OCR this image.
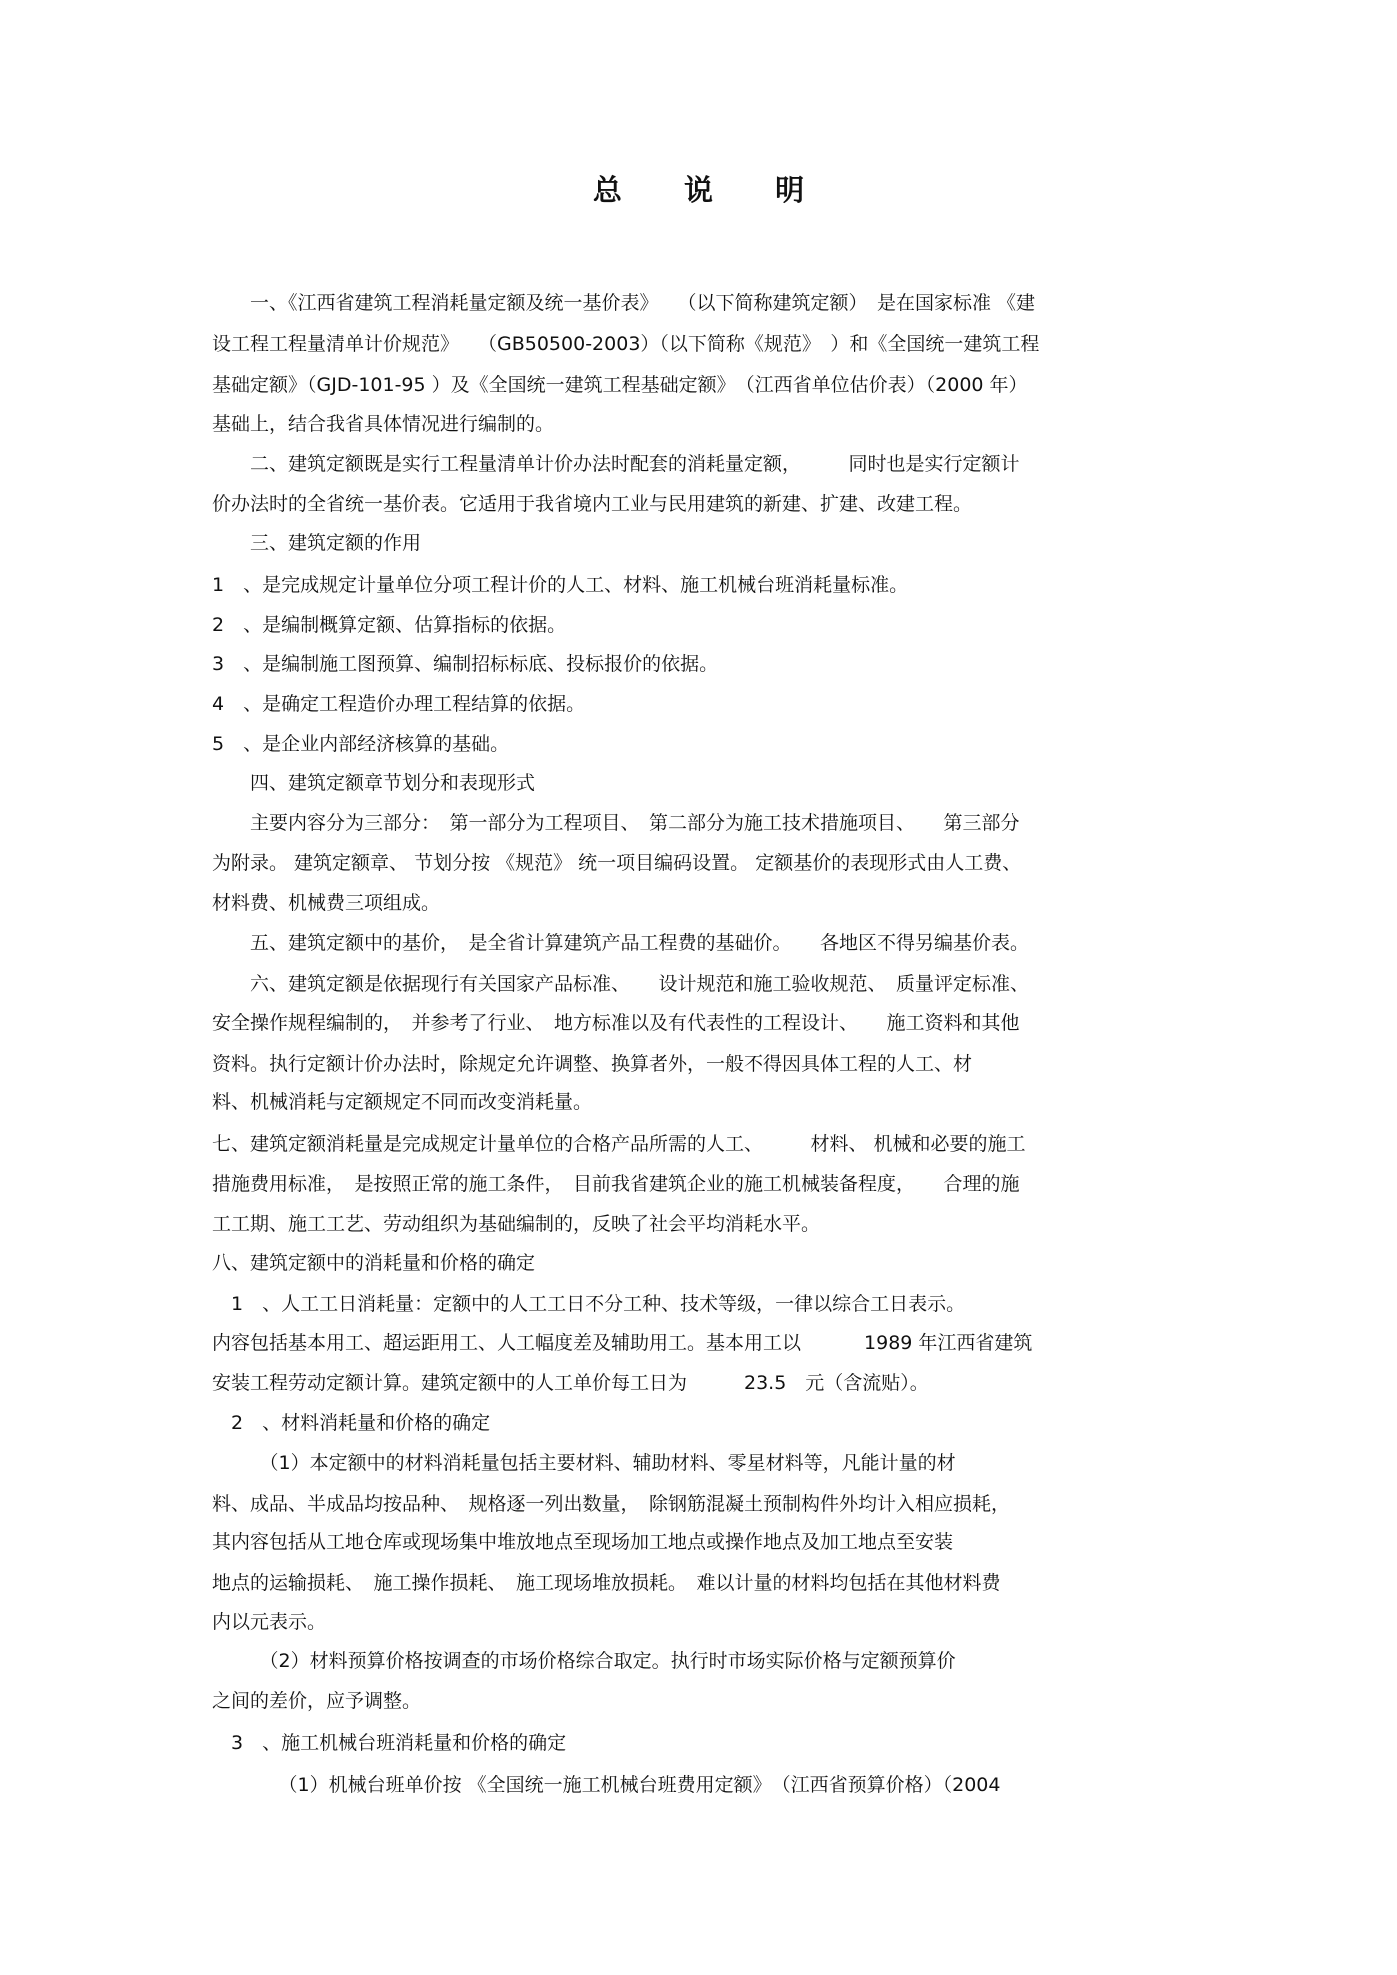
总 说 明
　　一、《江西省建筑工程消耗量定额及统一基价表》　　（以下简称建筑定额）　是在国家标准 《建
设工程工程量清单计价规范》　　（GB50500-2003）（以下简称《规范》　）和《全国统一建筑工程
基础定额》（GJD-101-95 ）及《全国统一建筑工程基础定额》　（江西省单位估价表）（2000 年）
基础上，结合我省具体情况进行编制的。
　　二、建筑定额既是实行工程量清单计价办法时配套的消耗量定额，　　　同时也是实行定额计
价办法时的全省统一基价表。它适用于我省境内工业与民用建筑的新建、扩建、改建工程。
　　三、建筑定额的作用
1　、是完成规定计量单位分项工程计价的人工、材料、施工机械台班消耗量标准。
2　、是编制概算定额、估算指标的依据。
3　、是编制施工图预算、编制招标标底、投标报价的依据。
4　、是确定工程造价办理工程结算的依据。
5　、是企业内部经济核算的基础。
　　四、建筑定额章节划分和表现形式
　　主要内容分为三部分：　第一部分为工程项目、　第二部分为施工技术措施项目、　　第三部分
为附录。 建筑定额章、 节划分按 《规范》 统一项目编码设置。 定额基价的表现形式由人工费、
材料费、机械费三项组成。
　　五、建筑定额中的基价，　是全省计算建筑产品工程费的基础价。　　各地区不得另编基价表。
　　六、建筑定额是依据现行有关国家产品标准、　　设计规范和施工验收规范、　质量评定标准、
安全操作规程编制的，　并参考了行业、　地方标准以及有代表性的工程设计、　　施工资料和其他
资料。执行定额计价办法时，除规定允许调整、换算者外，一般不得因具体工程的人工、材
料、机械消耗与定额规定不同而改变消耗量。
七、建筑定额消耗量是完成规定计量单位的合格产品所需的人工、　　　材料、 机械和必要的施工
措施费用标准，　是按照正常的施工条件，　目前我省建筑企业的施工机械装备程度，　　合理的施
工工期、施工工艺、劳动组织为基础编制的，反映了社会平均消耗水平。
八、建筑定额中的消耗量和价格的确定
　1　、人工工日消耗量：定额中的人工工日不分工种、技术等级，一律以综合工日表示。
内容包括基本用工、超运距用工、人工幅度差及辅助用工。基本用工以　　　 1989 年江西省建筑
安装工程劳动定额计算。建筑定额中的人工单价每工日为　　　23.5　元（含流贴）。
　2　、材料消耗量和价格的确定
　　　（1）本定额中的材料消耗量包括主要材料、辅助材料、零星材料等，凡能计量的材
料、成品、半成品均按品种、　规格逐一列出数量，　除钢筋混凝土预制构件外均计入相应损耗，
其内容包括从工地仓库或现场集中堆放地点至现场加工地点或操作地点及加工地点至安装
地点的运输损耗、　施工操作损耗、　施工现场堆放损耗。　难以计量的材料均包括在其他材料费
内以元表示。
　　　（2）材料预算价格按调查的市场价格综合取定。执行时市场实际价格与定额预算价
之间的差价，应予调整。
　3　、施工机械台班消耗量和价格的确定
　　　　（1）机械台班单价按 《全国统一施工机械台班费用定额》　（江西省预算价格）（2004
